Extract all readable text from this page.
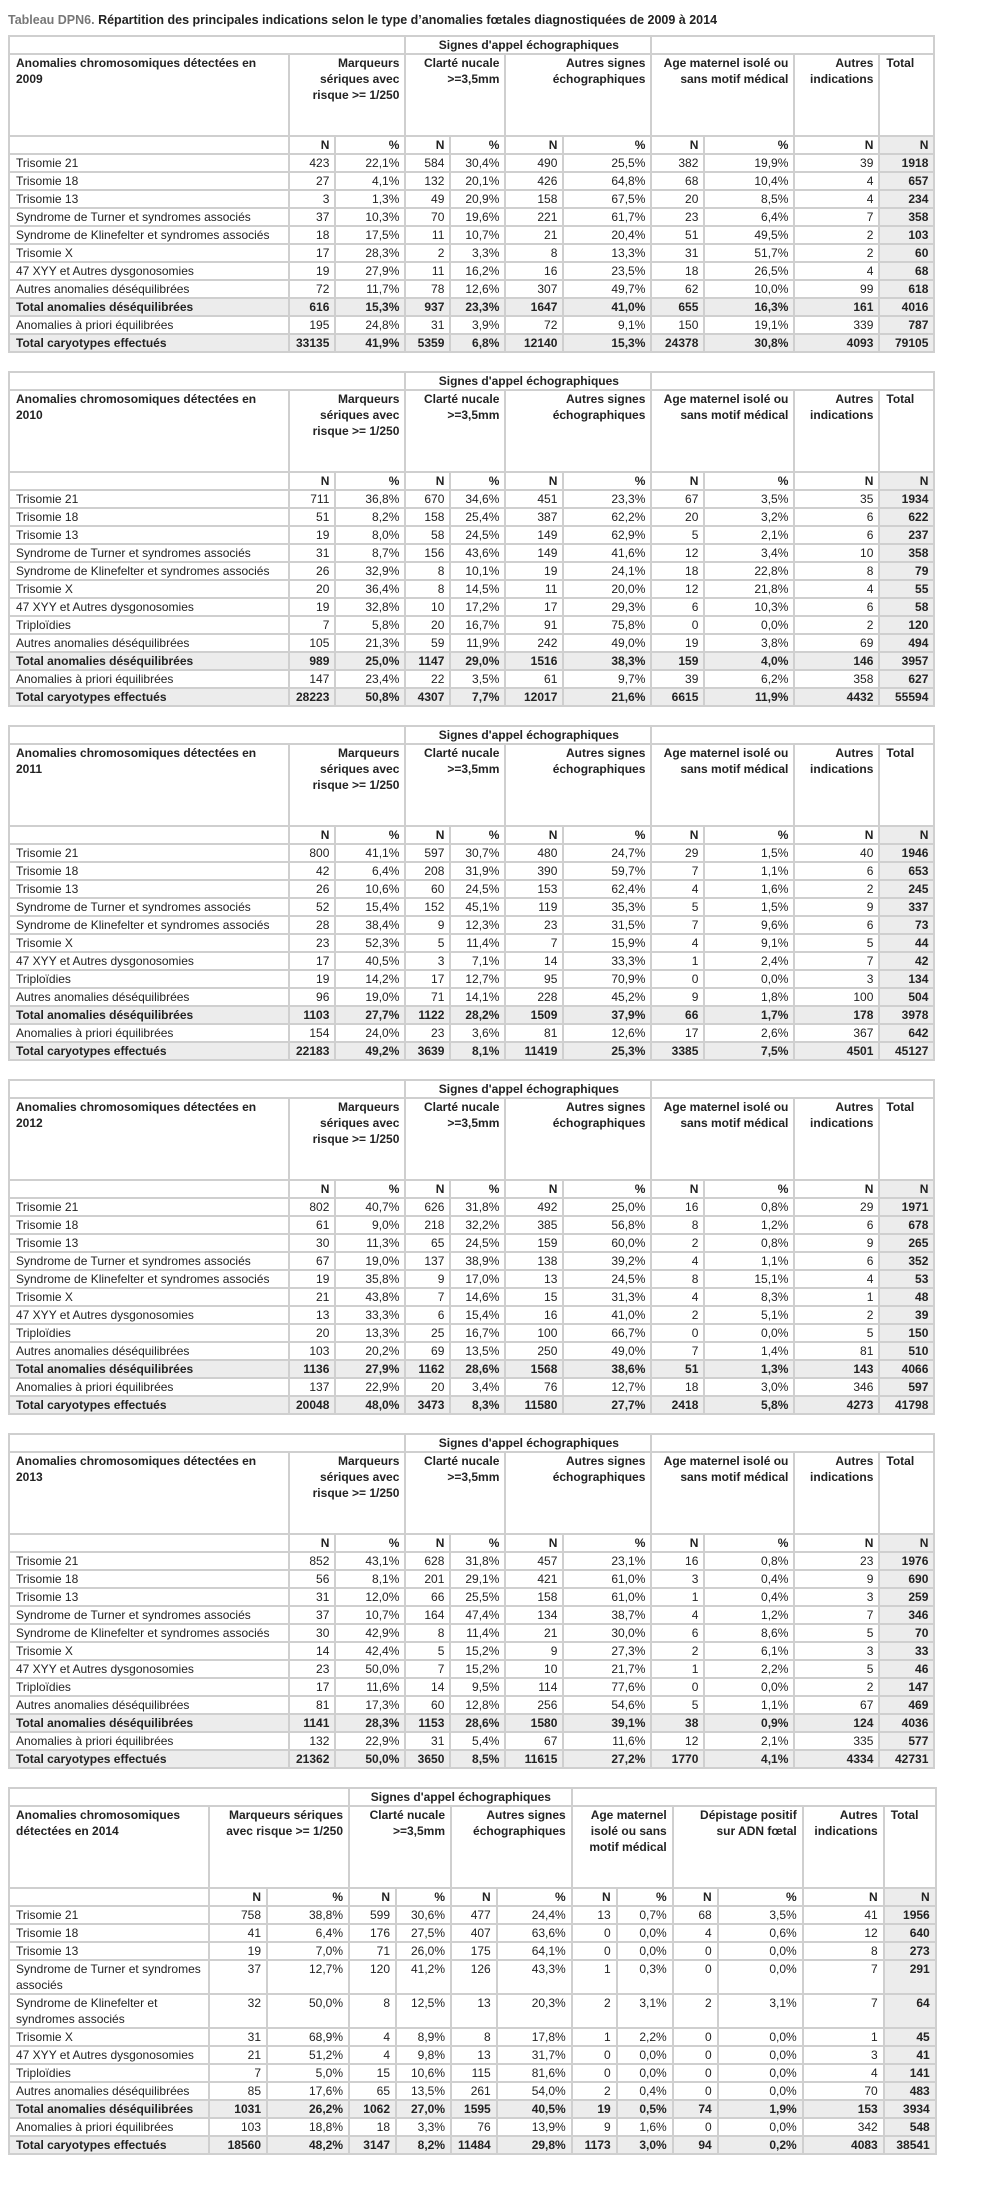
Tableau DPN6. Répartition des principales indications selon le type d’anomalies fœtales diagnostiquées de 2009 à 2014
			Signes d'appel échographiques							
Anomalies chromosomiques détectées en 2009	Marqueurs sériques avec risque >= 1/250		Clarté nucale >=3,5mm		Autres signes échographiques		Age maternel isolé ou sans motif médical		Autres indications	Total
	N	%	N	%	N	%	N	%	N	N
Trisomie 21	423	22,1%	584	30,4%	490	25,5%	382	19,9%	39	1918
Trisomie 18	27	4,1%	132	20,1%	426	64,8%	68	10,4%	4	657
Trisomie 13	3	1,3%	49	20,9%	158	67,5%	20	8,5%	4	234
Syndrome de Turner et syndromes associés	37	10,3%	70	19,6%	221	61,7%	23	6,4%	7	358
Syndrome de Klinefelter et syndromes associés	18	17,5%	11	10,7%	21	20,4%	51	49,5%	2	103
Trisomie X	17	28,3%	2	3,3%	8	13,3%	31	51,7%	2	60
47 XYY et Autres dysgonosomies	19	27,9%	11	16,2%	16	23,5%	18	26,5%	4	68
Autres anomalies déséquilibrées	72	11,7%	78	12,6%	307	49,7%	62	10,0%	99	618
Total anomalies déséquilibrées	616	15,3%	937	23,3%	1647	41,0%	655	16,3%	161	4016
Anomalies à priori équilibrées	195	24,8%	31	3,9%	72	9,1%	150	19,1%	339	787
Total caryotypes effectués	33135	41,9%	5359	6,8%	12140	15,3%	24378	30,8%	4093	79105
			Signes d'appel échographiques							
Anomalies chromosomiques détectées en 2010	Marqueurs sériques avec risque >= 1/250		Clarté nucale >=3,5mm		Autres signes échographiques		Age maternel isolé ou sans motif médical		Autres indications	Total
	N	%	N	%	N	%	N	%	N	N
Trisomie 21	711	36,8%	670	34,6%	451	23,3%	67	3,5%	35	1934
Trisomie 18	51	8,2%	158	25,4%	387	62,2%	20	3,2%	6	622
Trisomie 13	19	8,0%	58	24,5%	149	62,9%	5	2,1%	6	237
Syndrome de Turner et syndromes associés	31	8,7%	156	43,6%	149	41,6%	12	3,4%	10	358
Syndrome de Klinefelter et syndromes associés	26	32,9%	8	10,1%	19	24,1%	18	22,8%	8	79
Trisomie X	20	36,4%	8	14,5%	11	20,0%	12	21,8%	4	55
47 XYY et Autres dysgonosomies	19	32,8%	10	17,2%	17	29,3%	6	10,3%	6	58
Triploïdies	7	5,8%	20	16,7%	91	75,8%	0	0,0%	2	120
Autres anomalies déséquilibrées	105	21,3%	59	11,9%	242	49,0%	19	3,8%	69	494
Total anomalies déséquilibrées	989	25,0%	1147	29,0%	1516	38,3%	159	4,0%	146	3957
Anomalies à priori équilibrées	147	23,4%	22	3,5%	61	9,7%	39	6,2%	358	627
Total caryotypes effectués	28223	50,8%	4307	7,7%	12017	21,6%	6615	11,9%	4432	55594
			Signes d'appel échographiques							
Anomalies chromosomiques détectées en 2011	Marqueurs sériques avec risque >= 1/250		Clarté nucale >=3,5mm		Autres signes échographiques		Age maternel isolé ou sans motif médical		Autres indications	Total
	N	%	N	%	N	%	N	%	N	N
Trisomie 21	800	41,1%	597	30,7%	480	24,7%	29	1,5%	40	1946
Trisomie 18	42	6,4%	208	31,9%	390	59,7%	7	1,1%	6	653
Trisomie 13	26	10,6%	60	24,5%	153	62,4%	4	1,6%	2	245
Syndrome de Turner et syndromes associés	52	15,4%	152	45,1%	119	35,3%	5	1,5%	9	337
Syndrome de Klinefelter et syndromes associés	28	38,4%	9	12,3%	23	31,5%	7	9,6%	6	73
Trisomie X	23	52,3%	5	11,4%	7	15,9%	4	9,1%	5	44
47 XYY et Autres dysgonosomies	17	40,5%	3	7,1%	14	33,3%	1	2,4%	7	42
Triploïdies	19	14,2%	17	12,7%	95	70,9%	0	0,0%	3	134
Autres anomalies déséquilibrées	96	19,0%	71	14,1%	228	45,2%	9	1,8%	100	504
Total anomalies déséquilibrées	1103	27,7%	1122	28,2%	1509	37,9%	66	1,7%	178	3978
Anomalies à priori équilibrées	154	24,0%	23	3,6%	81	12,6%	17	2,6%	367	642
Total caryotypes effectués	22183	49,2%	3639	8,1%	11419	25,3%	3385	7,5%	4501	45127
			Signes d'appel échographiques							
Anomalies chromosomiques détectées en 2012	Marqueurs sériques avec risque >= 1/250		Clarté nucale >=3,5mm		Autres signes échographiques		Age maternel isolé ou sans motif médical		Autres indications	Total
	N	%	N	%	N	%	N	%	N	N
Trisomie 21	802	40,7%	626	31,8%	492	25,0%	16	0,8%	29	1971
Trisomie 18	61	9,0%	218	32,2%	385	56,8%	8	1,2%	6	678
Trisomie 13	30	11,3%	65	24,5%	159	60,0%	2	0,8%	9	265
Syndrome de Turner et syndromes associés	67	19,0%	137	38,9%	138	39,2%	4	1,1%	6	352
Syndrome de Klinefelter et syndromes associés	19	35,8%	9	17,0%	13	24,5%	8	15,1%	4	53
Trisomie X	21	43,8%	7	14,6%	15	31,3%	4	8,3%	1	48
47 XYY et Autres dysgonosomies	13	33,3%	6	15,4%	16	41,0%	2	5,1%	2	39
Triploïdies	20	13,3%	25	16,7%	100	66,7%	0	0,0%	5	150
Autres anomalies déséquilibrées	103	20,2%	69	13,5%	250	49,0%	7	1,4%	81	510
Total anomalies déséquilibrées	1136	27,9%	1162	28,6%	1568	38,6%	51	1,3%	143	4066
Anomalies à priori équilibrées	137	22,9%	20	3,4%	76	12,7%	18	3,0%	346	597
Total caryotypes effectués	20048	48,0%	3473	8,3%	11580	27,7%	2418	5,8%	4273	41798
			Signes d'appel échographiques							
Anomalies chromosomiques détectées en 2013	Marqueurs sériques avec risque >= 1/250		Clarté nucale >=3,5mm		Autres signes échographiques		Age maternel isolé ou sans motif médical		Autres indications	Total
	N	%	N	%	N	%	N	%	N	N
Trisomie 21	852	43,1%	628	31,8%	457	23,1%	16	0,8%	23	1976
Trisomie 18	56	8,1%	201	29,1%	421	61,0%	3	0,4%	9	690
Trisomie 13	31	12,0%	66	25,5%	158	61,0%	1	0,4%	3	259
Syndrome de Turner et syndromes associés	37	10,7%	164	47,4%	134	38,7%	4	1,2%	7	346
Syndrome de Klinefelter et syndromes associés	30	42,9%	8	11,4%	21	30,0%	6	8,6%	5	70
Trisomie X	14	42,4%	5	15,2%	9	27,3%	2	6,1%	3	33
47 XYY et Autres dysgonosomies	23	50,0%	7	15,2%	10	21,7%	1	2,2%	5	46
Triploïdies	17	11,6%	14	9,5%	114	77,6%	0	0,0%	2	147
Autres anomalies déséquilibrées	81	17,3%	60	12,8%	256	54,6%	5	1,1%	67	469
Total anomalies déséquilibrées	1141	28,3%	1153	28,6%	1580	39,1%	38	0,9%	124	4036
Anomalies à priori équilibrées	132	22,9%	31	5,4%	67	11,6%	12	2,1%	335	577
Total caryotypes effectués	21362	50,0%	3650	8,5%	11615	27,2%	1770	4,1%	4334	42731
			Signes d'appel échographiques									
Anomalies chromosomiques détectées en 2014	Marqueurs sériques avec risque >= 1/250		Clarté nucale >=3,5mm		Autres signes échographiques		Age maternel isolé ou sans motif médical		Dépistage positif sur ADN fœtal		Autres indications	Total
	N	%	N	%	N	%	N	%	N	%	N	N
Trisomie 21	758	38,8%	599	30,6%	477	24,4%	13	0,7%	68	3,5%	41	1956
Trisomie 18	41	6,4%	176	27,5%	407	63,6%	0	0,0%	4	0,6%	12	640
Trisomie 13	19	7,0%	71	26,0%	175	64,1%	0	0,0%	0	0,0%	8	273
Syndrome de Turner et syndromes associés	37	12,7%	120	41,2%	126	43,3%	1	0,3%	0	0,0%	7	291
Syndrome de Klinefelter et syndromes associés	32	50,0%	8	12,5%	13	20,3%	2	3,1%	2	3,1%	7	64
Trisomie X	31	68,9%	4	8,9%	8	17,8%	1	2,2%	0	0,0%	1	45
47 XYY et Autres dysgonosomies	21	51,2%	4	9,8%	13	31,7%	0	0,0%	0	0,0%	3	41
Triploïdies	7	5,0%	15	10,6%	115	81,6%	0	0,0%	0	0,0%	4	141
Autres anomalies déséquilibrées	85	17,6%	65	13,5%	261	54,0%	2	0,4%	0	0,0%	70	483
Total anomalies déséquilibrées	1031	26,2%	1062	27,0%	1595	40,5%	19	0,5%	74	1,9%	153	3934
Anomalies à priori équilibrées	103	18,8%	18	3,3%	76	13,9%	9	1,6%	0	0,0%	342	548
Total caryotypes effectués	18560	48,2%	3147	8,2%	11484	29,8%	1173	3,0%	94	0,2%	4083	38541
